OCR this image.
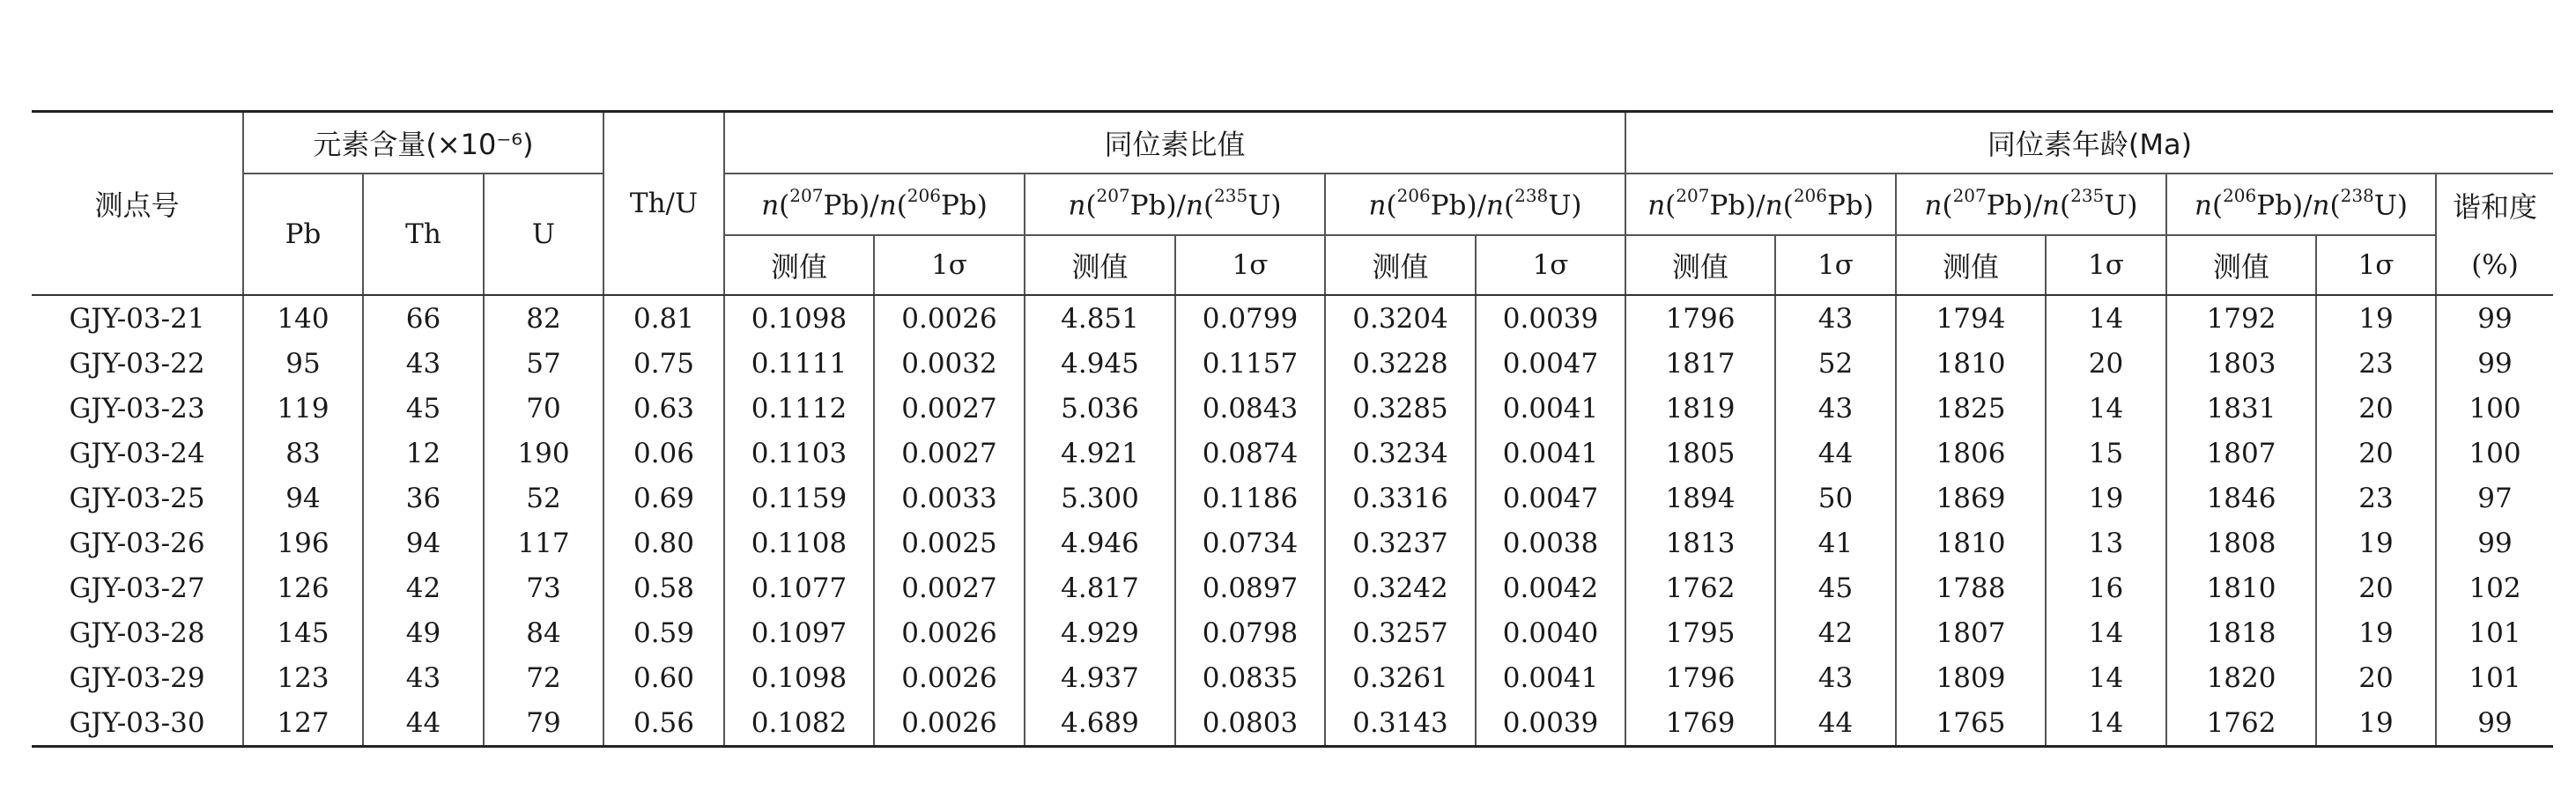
测点号	元素含量(×10⁻⁶)			Th/U	同位素比值						同位素年龄(Ma)						
	Pb	Th	U		n($^{207}$Pb)/n($^{206}$Pb)		n($^{207}$Pb)/n($^{235}$U)		n($^{206}$Pb)/n($^{238}$U)		n($^{207}$Pb)/n($^{206}$Pb)		n($^{207}$Pb)/n($^{235}$U)		n($^{206}$Pb)/n($^{238}$U)		谐和度
					测值	1σ	测值	1σ	测值	1σ	测值	1σ	测值	1σ	测值	1σ	(%)
GJY-03-21	140	66	82	0.81	0.1098	0.0026	4.851	0.0799	0.3204	0.0039	1796	43	1794	14	1792	19	99
GJY-03-22	95	43	57	0.75	0.1111	0.0032	4.945	0.1157	0.3228	0.0047	1817	52	1810	20	1803	23	99
GJY-03-23	119	45	70	0.63	0.1112	0.0027	5.036	0.0843	0.3285	0.0041	1819	43	1825	14	1831	20	100
GJY-03-24	83	12	190	0.06	0.1103	0.0027	4.921	0.0874	0.3234	0.0041	1805	44	1806	15	1807	20	100
GJY-03-25	94	36	52	0.69	0.1159	0.0033	5.300	0.1186	0.3316	0.0047	1894	50	1869	19	1846	23	97
GJY-03-26	196	94	117	0.80	0.1108	0.0025	4.946	0.0734	0.3237	0.0038	1813	41	1810	13	1808	19	99
GJY-03-27	126	42	73	0.58	0.1077	0.0027	4.817	0.0897	0.3242	0.0042	1762	45	1788	16	1810	20	102
GJY-03-28	145	49	84	0.59	0.1097	0.0026	4.929	0.0798	0.3257	0.0040	1795	42	1807	14	1818	19	101
GJY-03-29	123	43	72	0.60	0.1098	0.0026	4.937	0.0835	0.3261	0.0041	1796	43	1809	14	1820	20	101
GJY-03-30	127	44	79	0.56	0.1082	0.0026	4.689	0.0803	0.3143	0.0039	1769	44	1765	14	1762	19	99
